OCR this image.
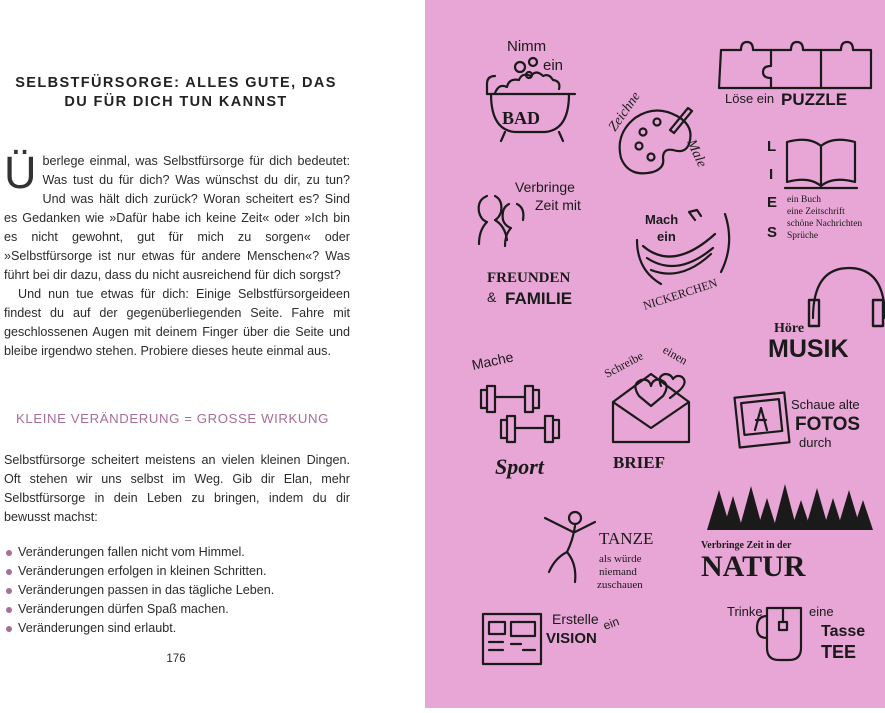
SELBSTFÜRSORGE: ALLES GUTE, DAS
DU FÜR DICH TUN KANNST
Überlege einmal, was Selbstfürsorge für dich bedeutet: Was tust du für dich? Was wünschst du dir, zu tun? Und was hält dich zurück? Woran scheitert es? Sind es Gedanken wie »Dafür habe ich keine Zeit« oder »Ich bin es nicht gewohnt, gut für mich zu sorgen« oder »Selbstfürsorge ist nur etwas für andere Menschen«? Was führt bei dir dazu, dass du nicht ausreichend für dich sorgst?
Und nun tue etwas für dich: Einige Selbstfürsorgeideen findest du auf der gegenüberliegenden Seite. Fahre mit geschlossenen Augen mit deinem Finger über die Seite und bleibe irgendwo stehen. Probiere dieses heute einmal aus.
KLEINE VERÄNDERUNG = GROSSE WIRKUNG
Selbstfürsorge scheitert meistens an vielen kleinen Dingen. Oft stehen wir uns selbst im Weg. Gib dir Elan, mehr Selbstfürsorge in dein Leben zu bringen, indem du dir bewusst machst:
Veränderungen fallen nicht vom Himmel.
Veränderungen erfolgen in kleinen Schritten.
Veränderungen passen in das tägliche Leben.
Veränderungen dürfen Spaß machen.
Veränderungen sind erlaubt.
176
Nimm
ein
BAD	Zeichne
Male
Löse ein PUZZLE
L
I
E
S
ein Buch
eine Zeitschrift
schöne Nachrichten
Sprüche
Verbringe
Zeit mit
FREUNDEN
& FAMILIE
Mach
ein
NICKERCHEN
Höre
MUSIK
Mache
Sport
Schreibe einen
BRIEF
Schaue alte
FOTOS
durch
TANZE
als würde
niemand
zuschauen
Verbringe Zeit in der
NATUR
Erstelle ein
VISION
BOARD
Trinke	eine
Tasse
TEE
